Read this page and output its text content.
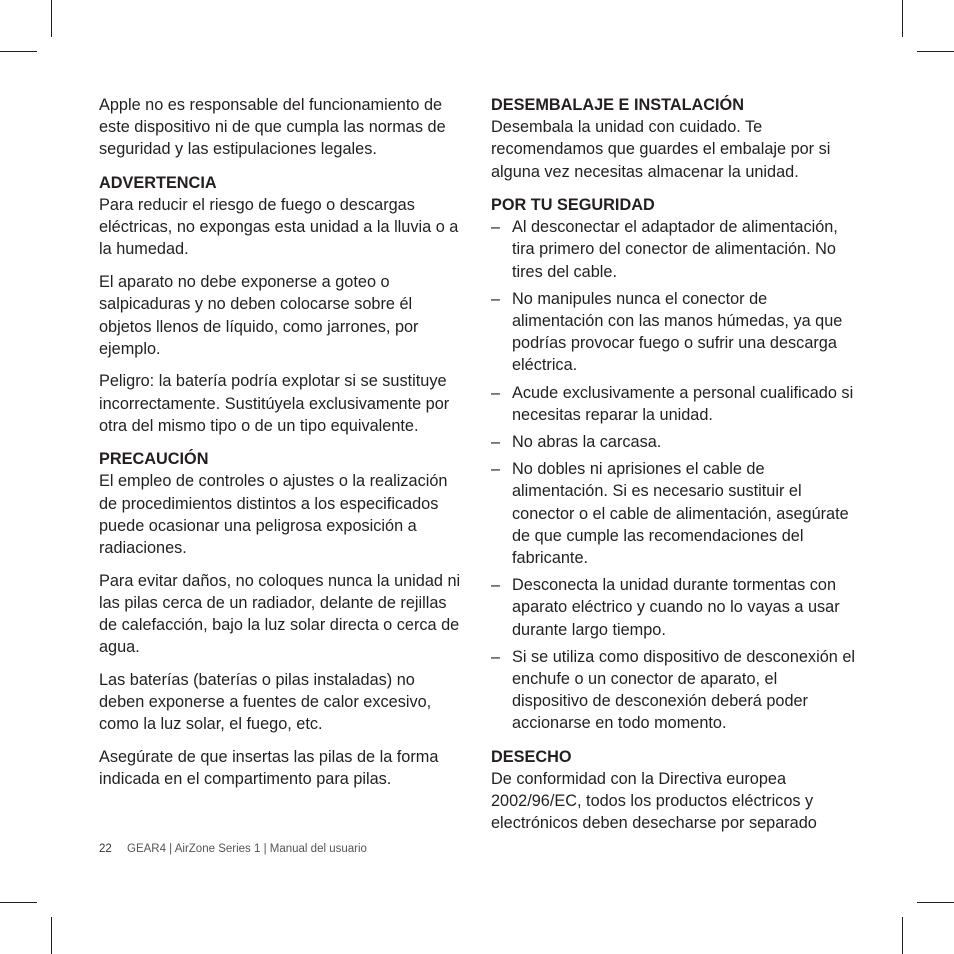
Apple no es responsable del funcionamiento de este dispositivo ni de que cumpla las normas de seguridad y las estipulaciones legales.

ADVERTENCIA
Para reducir el riesgo de fuego o descargas eléctricas, no expongas esta unidad a la lluvia o a la humedad.

El aparato no debe exponerse a goteo o salpicaduras y no deben colocarse sobre él objetos llenos de líquido, como jarrones, por ejemplo.

Peligro: la batería podría explotar si se sustituye incorrectamente. Sustitúyela exclusivamente por otra del mismo tipo o de un tipo equivalente.

PRECAUCIÓN
El empleo de controles o ajustes o la realización de procedimientos distintos a los especificados puede ocasionar una peligrosa exposición a radiaciones.

Para evitar daños, no coloques nunca la unidad ni las pilas cerca de un radiador, delante de rejillas de calefacción, bajo la luz solar directa o cerca de agua.

Las baterías (baterías o pilas instaladas) no deben exponerse a fuentes de calor excesivo, como la luz solar, el fuego, etc.

Asegúrate de que insertas las pilas de la forma indicada en el compartimento para pilas.

DESEMBALAJE E INSTALACIÓN
Desembala la unidad con cuidado. Te recomendamos que guardes el embalaje por si alguna vez necesitas almacenar la unidad.

POR TU SEGURIDAD
– Al desconectar el adaptador de alimentación, tira primero del conector de alimentación. No tires del cable.
– No manipules nunca el conector de alimentación con las manos húmedas, ya que podrías provocar fuego o sufrir una descarga eléctrica.
– Acude exclusivamente a personal cualificado si necesitas reparar la unidad.
– No abras la carcasa.
– No dobles ni aprisiones el cable de alimentación. Si es necesario sustituir el conector o el cable de alimentación, asegúrate de que cumple las recomendaciones del fabricante.
– Desconecta la unidad durante tormentas con aparato eléctrico y cuando no lo vayas a usar durante largo tiempo.
– Si se utiliza como dispositivo de desconexión el enchufe o un conector de aparato, el dispositivo de desconexión deberá poder accionarse en todo momento.

DESECHO
De conformidad con la Directiva europea 2002/96/EC, todos los productos eléctricos y electrónicos deben desecharse por separado

22 GEAR4 | AirZone Series 1 | Manual del usuario
